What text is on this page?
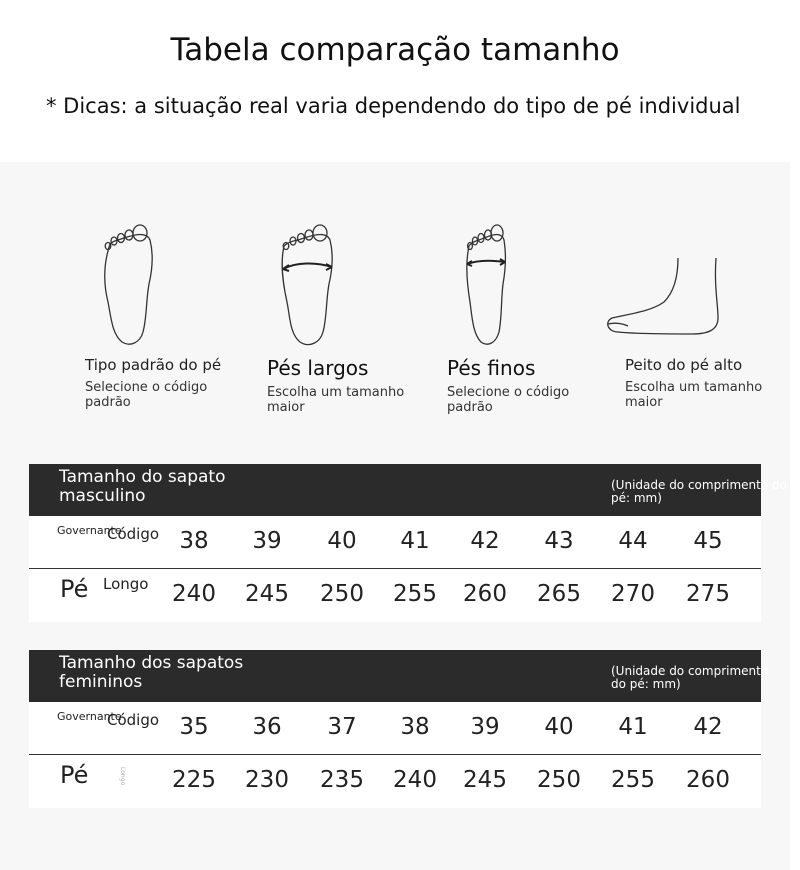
Tabela comparação tamanho
* Dicas: a situação real varia dependendo do tipo de pé individual
Tipo padrão do pé
Selecione o código padrão
Pés largos
Escolha um tamanho maior
Pés finos
Selecione o código padrão
Peito do pé alto
Escolha um tamanho maior
Tamanho do sapato masculino
(Unidade do comprimento do
pé: mm)
Governante
Código 38	39	40	41	42	43	44	45
Pé Longo	240	245	250	255	260	265	270	275
Tamanho dos sapatos femininos
(Unidade do comprimento
do pé: mm)
Governante
Código 35	36	37	38	39	40	41	42
Pé	Longo	225	230	235	240	245	250	255	260
